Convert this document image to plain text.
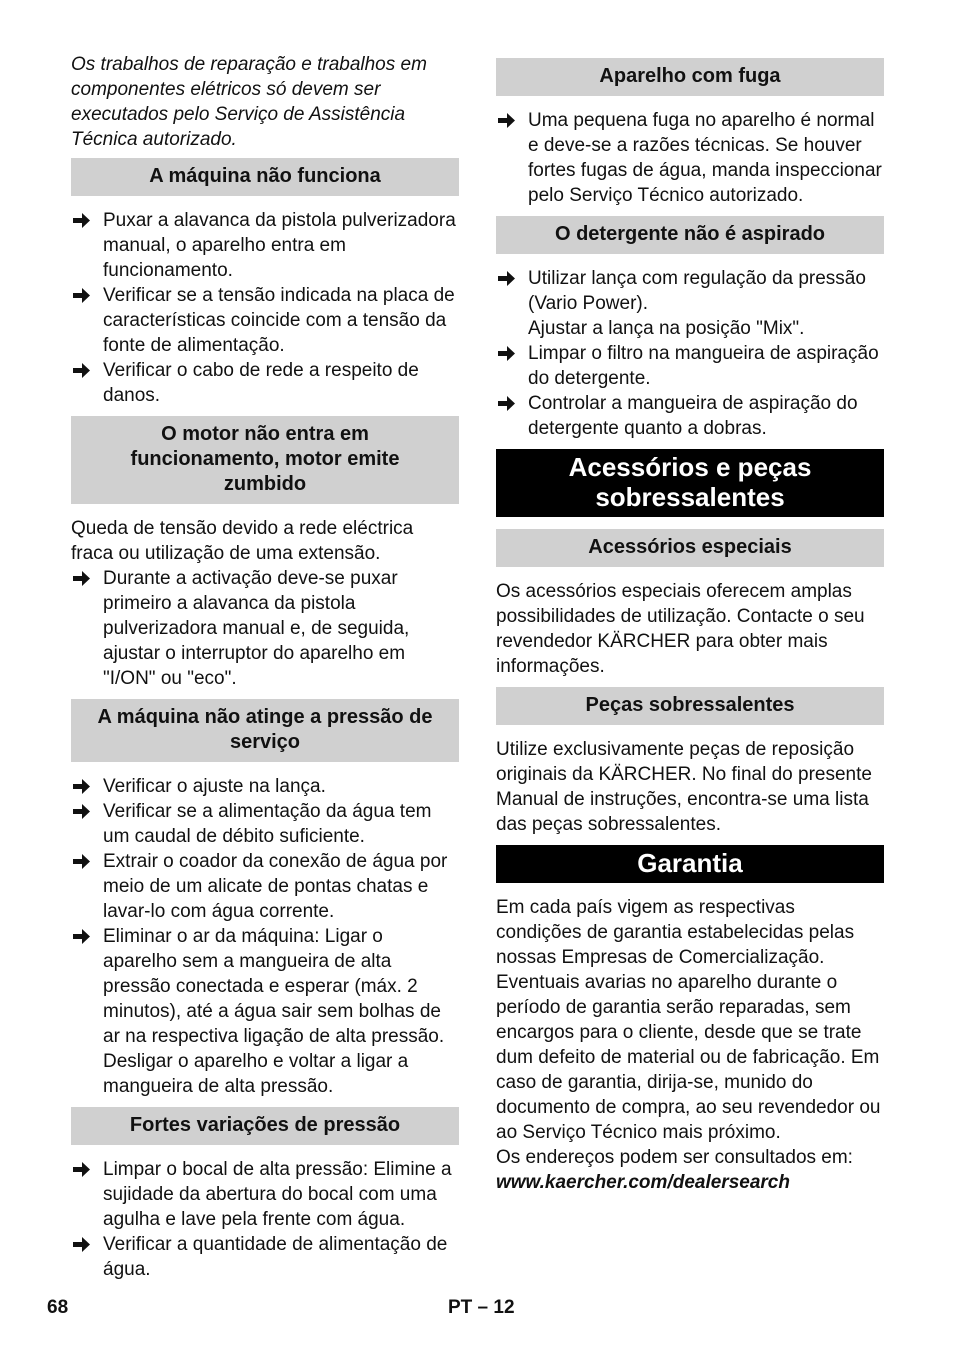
Os trabalhos de reparação e trabalhos em componentes elétricos só devem ser executados pelo Serviço de Assistência Técnica autorizado.

A máquina não funciona
Puxar a alavanca da pistola pulverizadora manual, o aparelho entra em funcionamento.
Verificar se a tensão indicada na placa de características coincide com a tensão da fonte de alimentação.
Verificar o cabo de rede a respeito de danos.
O motor não entra em funcionamento, motor emite zumbido

Queda de tensão devido a rede eléctrica fraca ou utilização de uma extensão.

Durante a activação deve-se puxar primeiro a alavanca da pistola pulverizadora manual e, de seguida, ajustar o interruptor do aparelho em "I/ON" ou "eco".
A máquina não atinge a pressão de serviço
Verificar o ajuste na lança.
Verificar se a alimentação da água tem um caudal de débito suficiente.
Extrair o coador da conexão de água por meio de um alicate de pontas chatas e lavar-lo com água corrente.
Eliminar o ar da máquina: Ligar o aparelho sem a mangueira de alta pressão conectada e esperar (máx. 2 minutos), até a água sair sem bolhas de ar na respectiva ligação de alta pressão. Desligar o aparelho e voltar a ligar a mangueira de alta pressão.
Fortes variações de pressão
Limpar o bocal de alta pressão: Elimine a sujidade da abertura do bocal com uma agulha e lave pela frente com água.
Verificar a quantidade de alimentação de água.
Aparelho com fuga
Uma pequena fuga no aparelho é normal e deve-se a razões técnicas. Se houver fortes fugas de água, manda inspeccionar pelo Serviço Técnico autorizado.
O detergente não é aspirado
Utilizar lança com regulação da pressão (Vario Power).
Ajustar a lança na posição "Mix".
Limpar o filtro na mangueira de aspiração do detergente.
Controlar a mangueira de aspiração do detergente quanto a dobras.
Acessórios e peças sobressalentes
Acessórios especiais

Os acessórios especiais oferecem amplas possibilidades de utilização. Contacte o seu revendedor KÄRCHER para obter mais informações.

Peças sobressalentes

Utilize exclusivamente peças de reposição originais da KÄRCHER. No final do presente Manual de instruções, encontra-se uma lista das peças sobressalentes.

Garantia

Em cada país vigem as respectivas condições de garantia estabelecidas pelas nossas Empresas de Comercialização. Eventuais avarias no aparelho durante o período de garantia serão reparadas, sem encargos para o cliente, desde que se trate dum defeito de material ou de fabricação. Em caso de garantia, dirija-se, munido do documento de compra, ao seu revendedor ou ao Serviço Técnico mais próximo.

Os endereços podem ser consultados em:

www.kaercher.com/dealersearch

68	PT – 12
